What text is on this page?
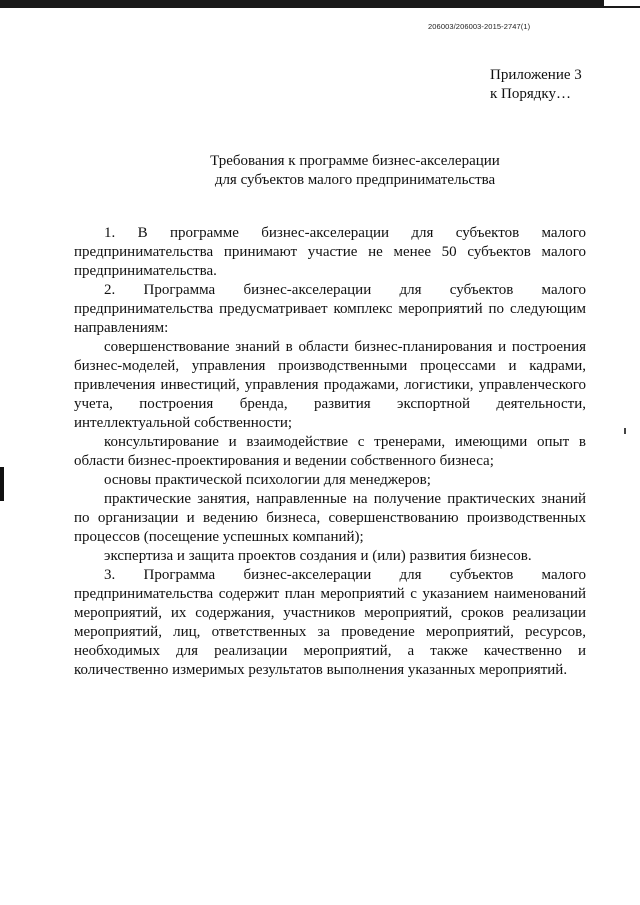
206003/206003-2015-2747(1)
Приложение 3
к Порядку…
Требования к программе бизнес-акселерации
для субъектов малого предпринимательства

1. В программе бизнес-акселерации для субъектов малого предпринимательства принимают участие не менее 50 субъектов малого предпринимательства.

2. Программа бизнес-акселерации для субъектов малого предпринимательства предусматривает комплекс мероприятий по следующим направлениям:

совершенствование знаний в области бизнес-планирования и построения бизнес-моделей, управления производственными процессами и кадрами, привлечения инвестиций, управления продажами, логистики, управленческого учета, построения бренда, развития экспортной деятельности, интеллектуальной собственности;

консультирование и взаимодействие с тренерами, имеющими опыт в области бизнес-проектирования и ведении собственного бизнеса;

основы практической психологии для менеджеров;

практические занятия, направленные на получение практических знаний по организации и ведению бизнеса, совершенствованию производственных процессов (посещение успешных компаний);

экспертиза и защита проектов создания и (или) развития бизнесов.

3. Программа бизнес-акселерации для субъектов малого предпринимательства содержит план мероприятий с указанием наименований мероприятий, их содержания, участников мероприятий, сроков реализации мероприятий, лиц, ответственных за проведение мероприятий, ресурсов, необходимых для реализации мероприятий, а также качественно и количественно измеримых результатов выполнения указанных мероприятий.
